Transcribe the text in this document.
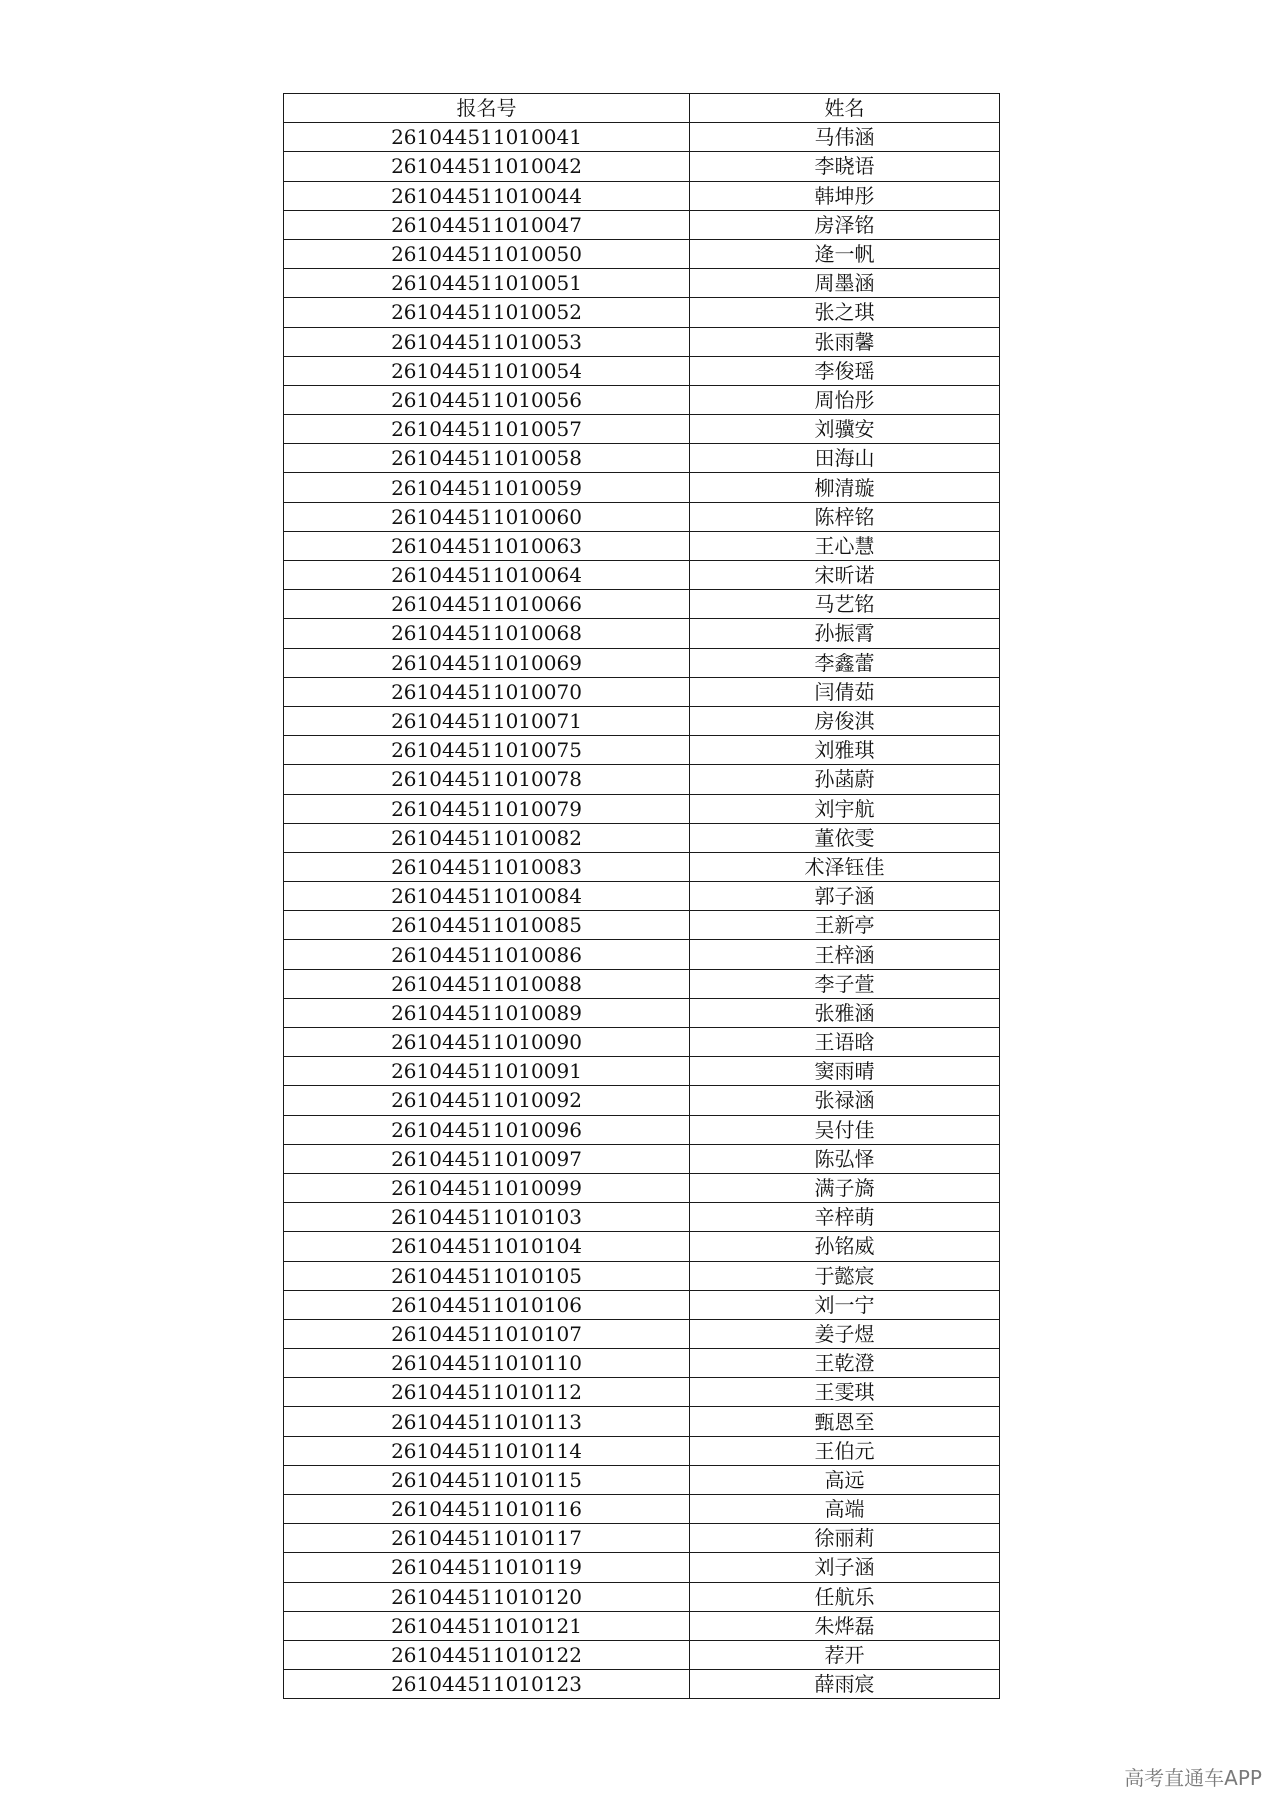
报名号	姓名
261044511010041	马伟涵
261044511010042	李晓语
261044511010044	韩坤彤
261044511010047	房泽铭
261044511010050	逄一帆
261044511010051	周墨涵
261044511010052	张之琪
261044511010053	张雨馨
261044511010054	李俊瑶
261044511010056	周怡彤
261044511010057	刘骥安
261044511010058	田海山
261044511010059	柳清璇
261044511010060	陈梓铭
261044511010063	王心慧
261044511010064	宋昕诺
261044511010066	马艺铭
261044511010068	孙振霄
261044511010069	李鑫蕾
261044511010070	闫倩茹
261044511010071	房俊淇
261044511010075	刘雅琪
261044511010078	孙菡蔚
261044511010079	刘宇航
261044511010082	董依雯
261044511010083	术泽钰佳
261044511010084	郭子涵
261044511010085	王新亭
261044511010086	王梓涵
261044511010088	李子萱
261044511010089	张雅涵
261044511010090	王语晗
261044511010091	窦雨晴
261044511010092	张禄涵
261044511010096	吴付佳
261044511010097	陈弘怿
261044511010099	满子旖
261044511010103	辛梓萌
261044511010104	孙铭威
261044511010105	于懿宸
261044511010106	刘一宁
261044511010107	姜子煜
261044511010110	王乾澄
261044511010112	王雯琪
261044511010113	甄恩至
261044511010114	王伯元
261044511010115	高远
261044511010116	高端
261044511010117	徐丽莉
261044511010119	刘子涵
261044511010120	任航乐
261044511010121	朱烨磊
261044511010122	荐开
261044511010123	薛雨宸
高考直通车APP
